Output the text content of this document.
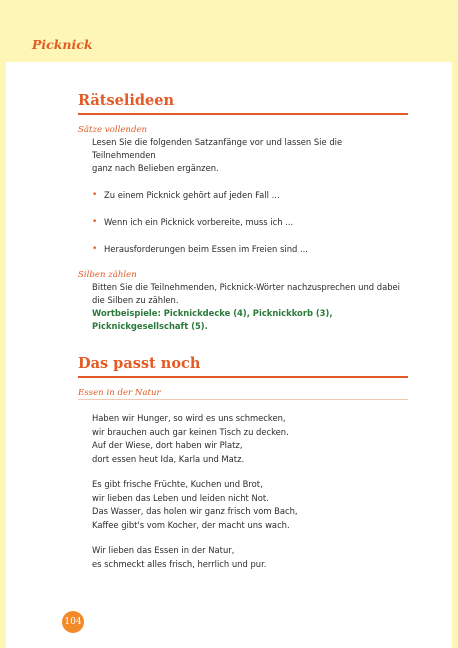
Picknick
Rätselideen

Sätze vollenden

Lesen Sie die folgenden Satzanfänge vor und lassen Sie die Teilnehmenden

ganz nach Belieben ergänzen.

• Zu einem Picknick gehört auf jeden Fall ...

• Wenn ich ein Picknick vorbereite, muss ich ...

• Herausforderungen beim Essen im Freien sind ...

Silben zählen

Bitten Sie die Teilnehmenden, Picknick-Wörter nachzusprechen und dabei

die Silben zu zählen.

Wortbeispiele: Picknickdecke (4), Picknickkorb (3),

Picknickgesellschaft (5).

Das passt noch

Essen in der Natur

Haben wir Hunger, so wird es uns schmecken,

wir brauchen auch gar keinen Tisch zu decken.

Auf der Wiese, dort haben wir Platz,

dort essen heut Ida, Karla und Matz.

Es gibt frische Früchte, Kuchen und Brot,

wir lieben das Leben und leiden nicht Not.

Das Wasser, das holen wir ganz frisch vom Bach,

Kaffee gibt's vom Kocher, der macht uns wach.

Wir lieben das Essen in der Natur,

es schmeckt alles frisch, herrlich und pur.

104
